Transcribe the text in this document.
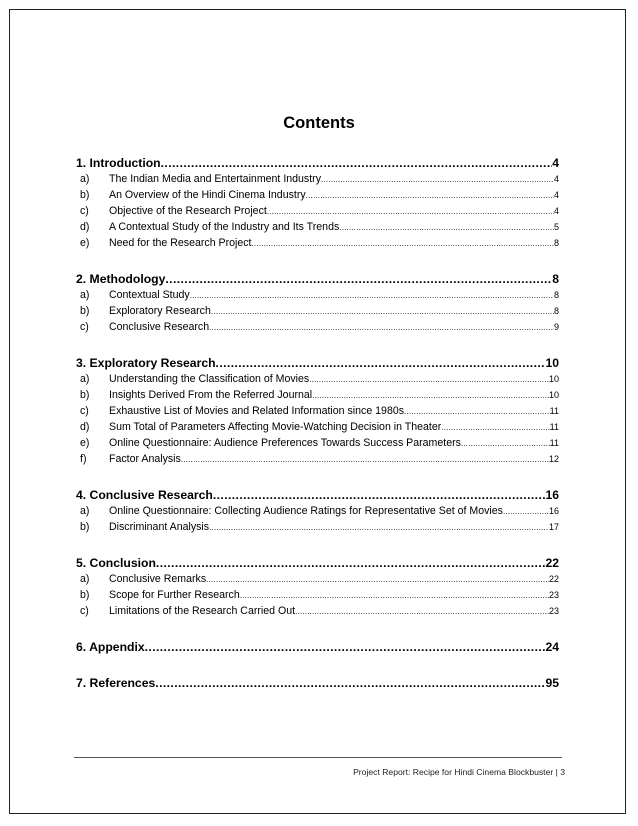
Contents
1. Introduction .....	4
a)	The Indian Media and Entertainment Industry .....	4
b)	An Overview of the Hindi Cinema Industry .....	4
c)	Objective of the Research Project .....	4
d)	A Contextual Study of the Industry and Its Trends .....	5
e)	Need for the Research Project .....	8
2. Methodology .....	8
a)	Contextual Study .....	8
b)	Exploratory Research .....	8
c)	Conclusive Research .....	9
3. Exploratory Research .....	10
a)	Understanding the Classification of Movies .....	10
b)	Insights Derived From the Referred Journal .....	10
c)	Exhaustive List of Movies and Related Information since 1980s .....	11
d)	Sum Total of Parameters Affecting Movie-Watching Decision in Theater .....	11
e)	Online Questionnaire: Audience Preferences Towards Success Parameters .....	11
f)	Factor Analysis .....	12
4. Conclusive Research .....	16
a)	Online Questionnaire: Collecting Audience Ratings for Representative Set of Movies .....	16
b)	Discriminant Analysis .....	17
5. Conclusion .....	22
a)	Conclusive Remarks .....	22
b)	Scope for Further Research .....	23
c)	Limitations of the Research Carried Out .....	23
6. Appendix .....	24
7. References .....	95
Project Report: Recipe for Hindi Cinema Blockbuster | 3
